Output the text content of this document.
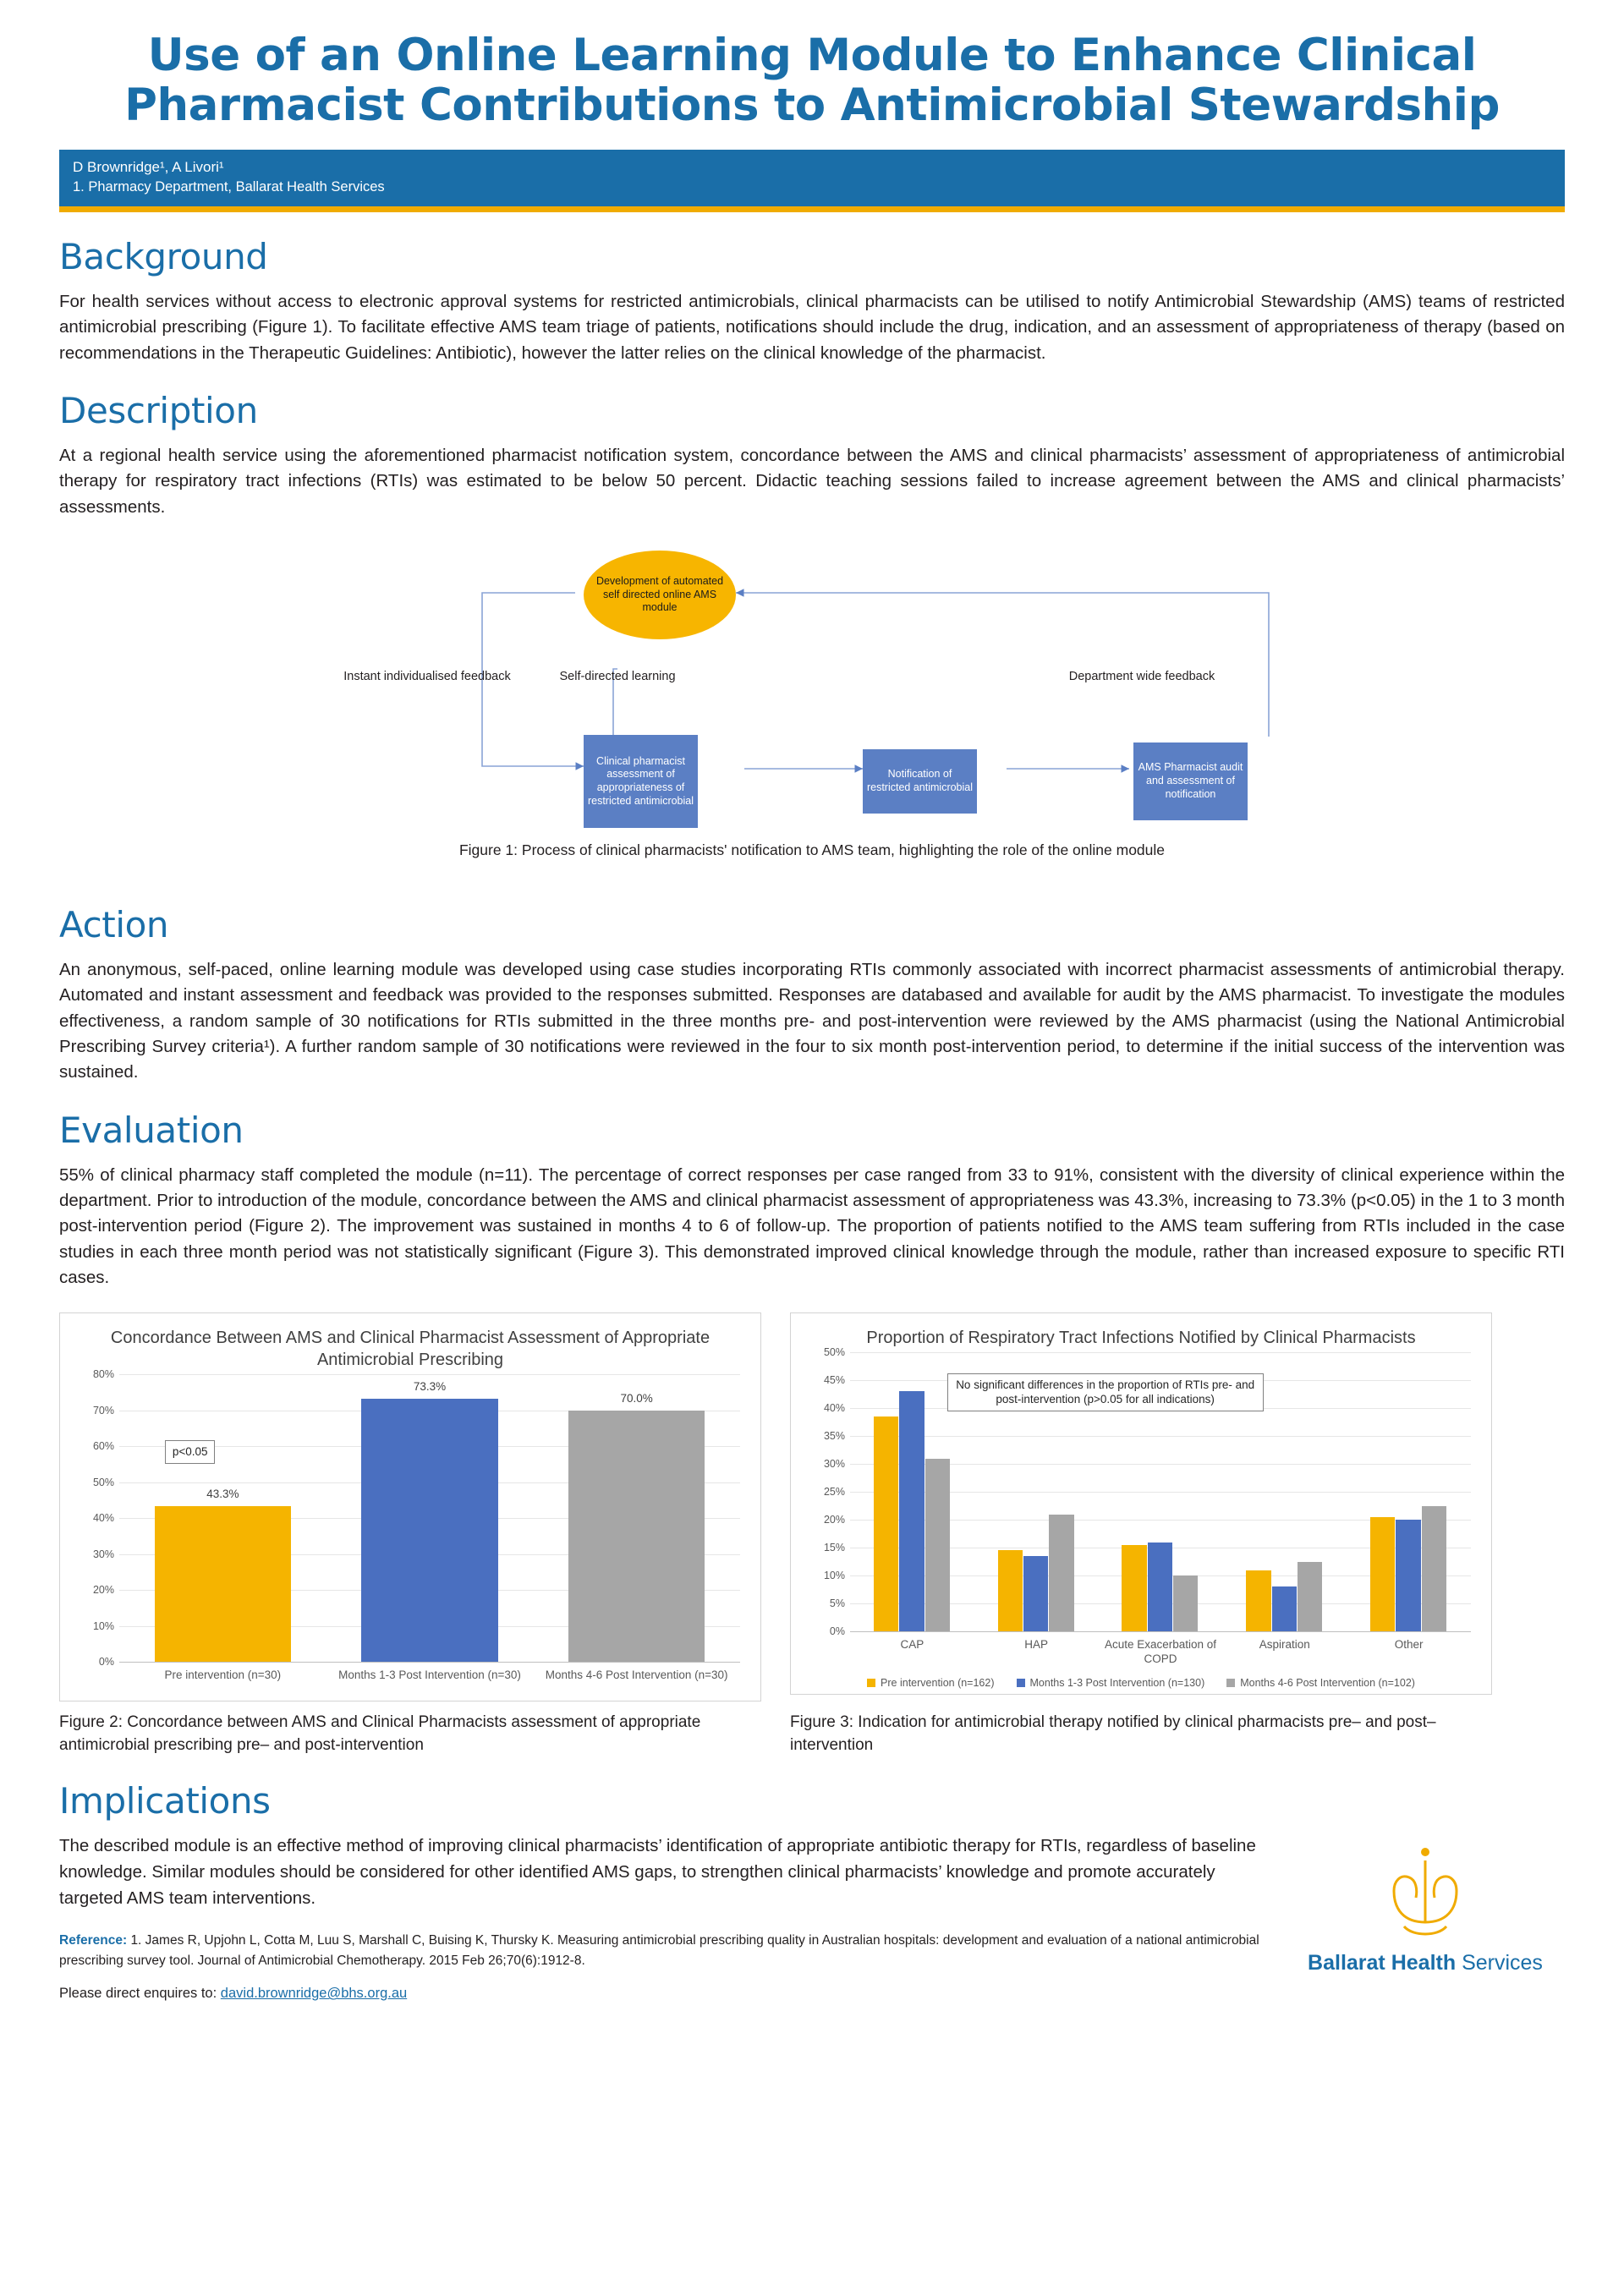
Use of an Online Learning Module to Enhance Clinical Pharmacist Contributions to Antimicrobial Stewardship
D Brownridge¹, A Livori¹
1. Pharmacy Department, Ballarat Health Services
Background

For health services without access to electronic approval systems for restricted antimicrobials, clinical pharmacists can be utilised to notify Antimicrobial Stewardship (AMS) teams of restricted antimicrobial prescribing (Figure 1). To facilitate effective AMS team triage of patients, notifications should include the drug, indication, and an assessment of appropriateness of therapy (based on recommendations in the Therapeutic Guidelines: Antibiotic), however the latter relies on the clinical knowledge of the pharmacist.

Description

At a regional health service using the aforementioned pharmacist notification system, concordance between the AMS and clinical pharmacists’ assessment of appropriateness of antimicrobial therapy for respiratory tract infections (RTIs) was estimated to be below 50 percent. Didactic teaching sessions failed to increase agreement between the AMS and clinical pharmacists’ assessments.

Development of automated self directed online AMS module
Clinical pharmacist assessment of appropriateness of restricted antimicrobial
Notification of restricted antimicrobial
AMS Pharmacist audit and assessment of notification
Instant individualised feedback	Self-directed learning	Department wide feedback
Figure 1: Process of clinical pharmacists' notification to AMS team, highlighting the role of the online module
Action

An anonymous, self-paced, online learning module was developed using case studies incorporating RTIs commonly associated with incorrect pharmacist assessments of antimicrobial therapy. Automated and instant assessment and feedback was provided to the responses submitted. Responses are databased and available for audit by the AMS pharmacist. To investigate the modules effectiveness, a random sample of 30 notifications for RTIs submitted in the three months pre- and post-intervention were reviewed by the AMS pharmacist (using the National Antimicrobial Prescribing Survey criteria¹). A further random sample of 30 notifications were reviewed in the four to six month post-intervention period, to determine if the initial success of the intervention was sustained.

Evaluation

55% of clinical pharmacy staff completed the module (n=11). The percentage of correct responses per case ranged from 33 to 91%, consistent with the diversity of clinical experience within the department. Prior to introduction of the module, concordance between the AMS and clinical pharmacist assessment of appropriateness was 43.3%, increasing to 73.3% (p<0.05) in the 1 to 3 month post-intervention period (Figure 2). The improvement was sustained in months 4 to 6 of follow-up. The proportion of patients notified to the AMS team suffering from RTIs included in the case studies in each three month period was not statistically significant (Figure 3). This demonstrated improved clinical knowledge through the module, rather than increased exposure to specific RTI cases.

Concordance Between AMS and Clinical Pharmacist Assessment of Appropriate Antimicrobial Prescribing
0%
10%
20%
30%
40%
50%
60%
70%
80%
43.3%
73.3%
70.0%
p<0.05
Pre intervention (n=30)	Months 1-3 Post Intervention (n=30)	Months 4-6 Post Intervention (n=30)
Proportion of Respiratory Tract Infections Notified by Clinical Pharmacists
0%
5%
10%
15%
20%
25%
30%
35%
40%
45%
50%
No significant differences in the proportion of RTIs pre- and post-intervention (p>0.05 for all indications)
CAP	HAP	Acute Exacerbation of COPD
Aspiration	Other
Pre intervention (n=162)	Months 1-3 Post Intervention (n=130)	Months 4-6 Post Intervention (n=102)
Figure 2: Concordance between AMS and Clinical Pharmacists assessment of appropriate antimicrobial prescribing pre– and post-intervention
Figure 3: Indication for antimicrobial therapy notified by clinical pharmacists pre– and post– intervention
Implications

The described module is an effective method of improving clinical pharmacists’ identification of appropriate antibiotic therapy for RTIs, regardless of baseline knowledge. Similar modules should be considered for other identified AMS gaps, to strengthen clinical pharmacists’ knowledge and promote accurately targeted AMS team interventions.

Reference: 1. James R, Upjohn L, Cotta M, Luu S, Marshall C, Buising K, Thursky K. Measuring antimicrobial prescribing quality in Australian hospitals: development and evaluation of a national antimicrobial prescribing survey tool. Journal of Antimicrobial Chemotherapy. 2015 Feb 26;70(6):1912-8.
Please direct enquires to: david.brownridge@bhs.org.au
Ballarat Health Services
